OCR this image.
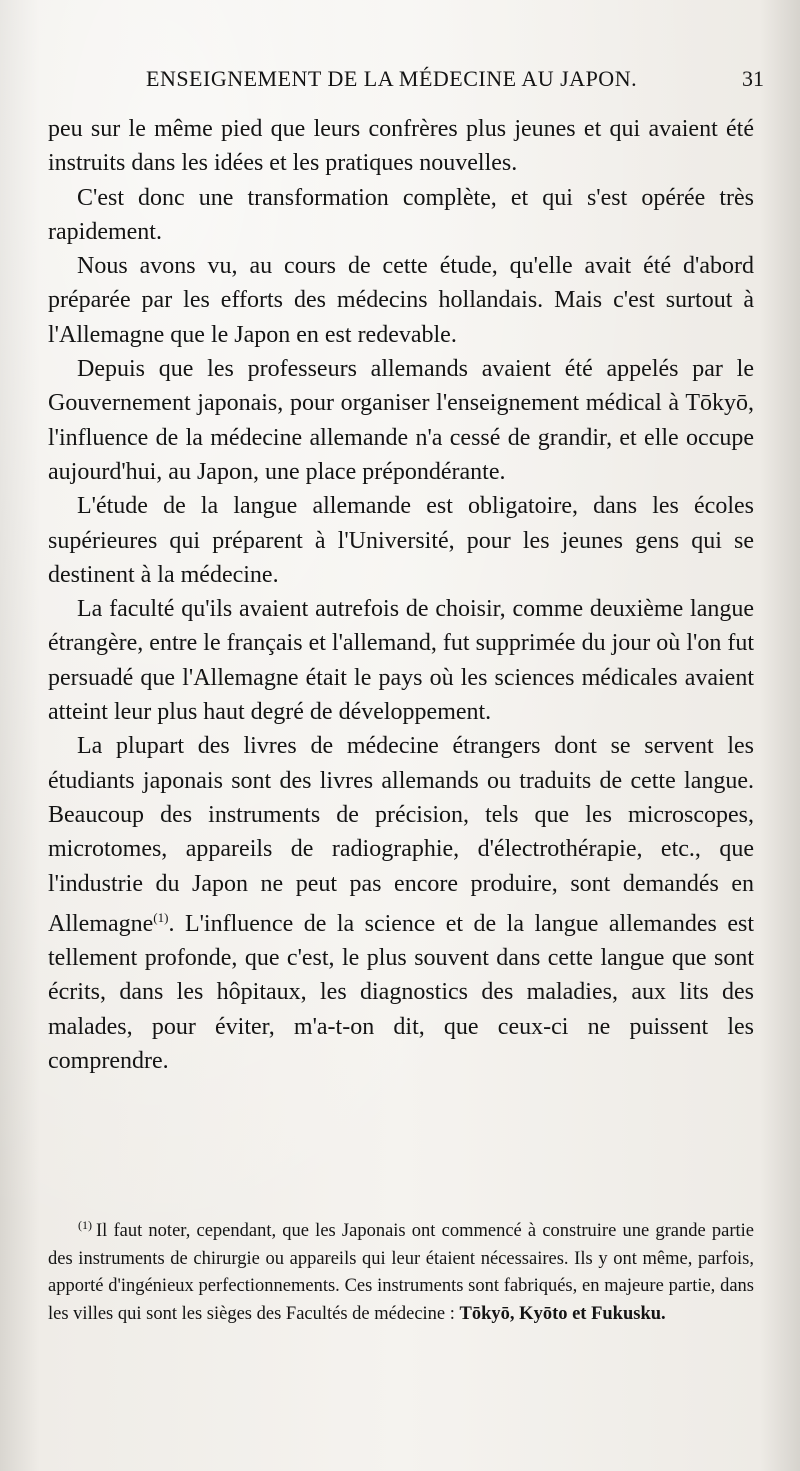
ENSEIGNEMENT DE LA MÉDECINE AU JAPON.	31

peu sur le même pied que leurs confrères plus jeunes et qui avaient été instruits dans les idées et les pratiques nouvelles.

C'est donc une transformation complète, et qui s'est opérée très rapidement.

Nous avons vu, au cours de cette étude, qu'elle avait été d'abord préparée par les efforts des médecins hollandais. Mais c'est surtout à l'Allemagne que le Japon en est redevable.

Depuis que les professeurs allemands avaient été appelés par le Gouvernement japonais, pour organiser l'enseignement médical à Tōkyō, l'influence de la médecine allemande n'a cessé de grandir, et elle occupe aujourd'hui, au Japon, une place prépondérante.

L'étude de la langue allemande est obligatoire, dans les écoles supérieures qui préparent à l'Université, pour les jeunes gens qui se destinent à la médecine.

La faculté qu'ils avaient autrefois de choisir, comme deuxième langue étrangère, entre le français et l'allemand, fut supprimée du jour où l'on fut persuadé que l'Allemagne était le pays où les sciences médicales avaient atteint leur plus haut degré de développement.

La plupart des livres de médecine étrangers dont se servent les étudiants japonais sont des livres allemands ou traduits de cette langue. Beaucoup des instruments de précision, tels que les microscopes, microtomes, appareils de radiographie, d'électrothérapie, etc., que l'industrie du Japon ne peut pas encore produire, sont demandés en Allemagne$^{(1)}$. L'influence de la science et de la langue allemandes est tellement profonde, que c'est, le plus souvent dans cette langue que sont écrits, dans les hôpitaux, les diagnostics des maladies, aux lits des malades, pour éviter, m'a-t-on dit, que ceux-ci ne puissent les comprendre.

$^{(1)}$ Il faut noter, cependant, que les Japonais ont commencé à construire une grande partie des instruments de chirurgie ou appareils qui leur étaient nécessaires. Ils y ont même, parfois, apporté d'ingénieux perfectionnements. Ces instruments sont fabriqués, en majeure partie, dans les villes qui sont les sièges des Facultés de médecine : Tōkyō, Kyōto et Fukusku.
